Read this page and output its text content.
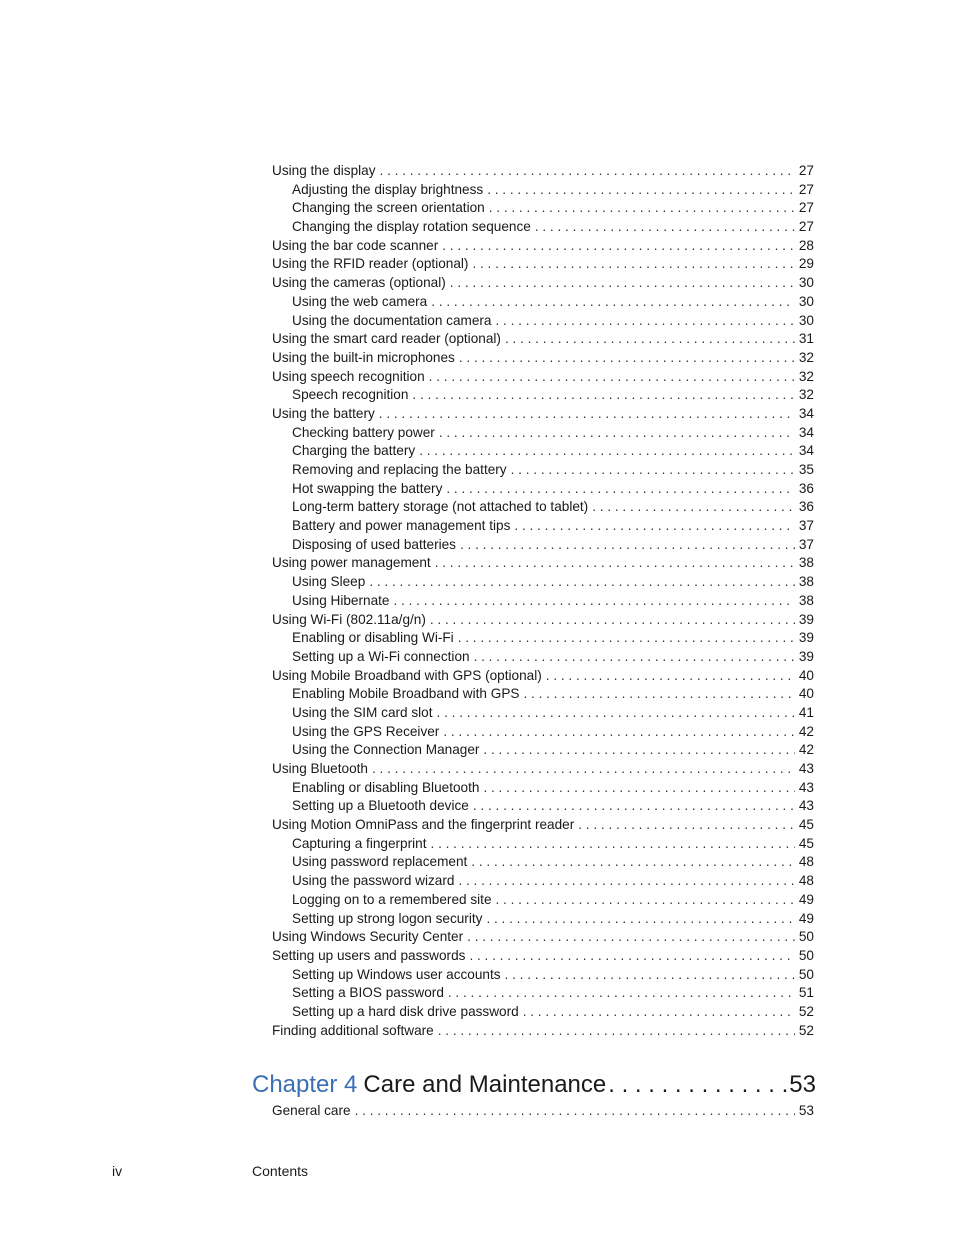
Using the display . . .	27
Adjusting the display brightness . . .	27
Changing the screen orientation . . .	27
Changing the display rotation sequence . . .	27
Using the bar code scanner . . .	28
Using the RFID reader (optional) . . .	29
Using the cameras (optional) . . .	30
Using the web camera . . .	30
Using the documentation camera . . .	30
Using the smart card reader (optional) . . .	31
Using the built-in microphones . . .	32
Using speech recognition . . .	32
Speech recognition . . .	32
Using the battery . . .	34
Checking battery power . . .	34
Charging the battery . . .	34
Removing and replacing the battery . . .	35
Hot swapping the battery . . .	36
Long-term battery storage (not attached to tablet) . . .	36
Battery and power management tips . . .	37
Disposing of used batteries . . .	37
Using power management . . .	38
Using Sleep . . .	38
Using Hibernate . . .	38
Using Wi-Fi (802.11a/g/n) . . .	39
Enabling or disabling Wi-Fi . . .	39
Setting up a Wi-Fi connection . . .	39
Using Mobile Broadband with GPS (optional) . . .	40
Enabling Mobile Broadband with GPS . . .	40
Using the SIM card slot . . .	41
Using the GPS Receiver . . .	42
Using the Connection Manager . . .	42
Using Bluetooth . . .	43
Enabling or disabling Bluetooth . . .	43
Setting up a Bluetooth device . . .	43
Using Motion OmniPass and the fingerprint reader . . .	45
Capturing a fingerprint . . .	45
Using password replacement . . .	48
Using the password wizard . . .	48
Logging on to a remembered site . . .	49
Setting up strong logon security . . .	49
Using Windows Security Center . . .	50
Setting up users and passwords . . .	50
Setting up Windows user accounts . . .	50
Setting a BIOS password . . .	51
Setting up a hard disk drive password . . .	52
Finding additional software . . .	52
Chapter 4 Care and Maintenance . . .	53
General care . . .	53
iv	Contents
